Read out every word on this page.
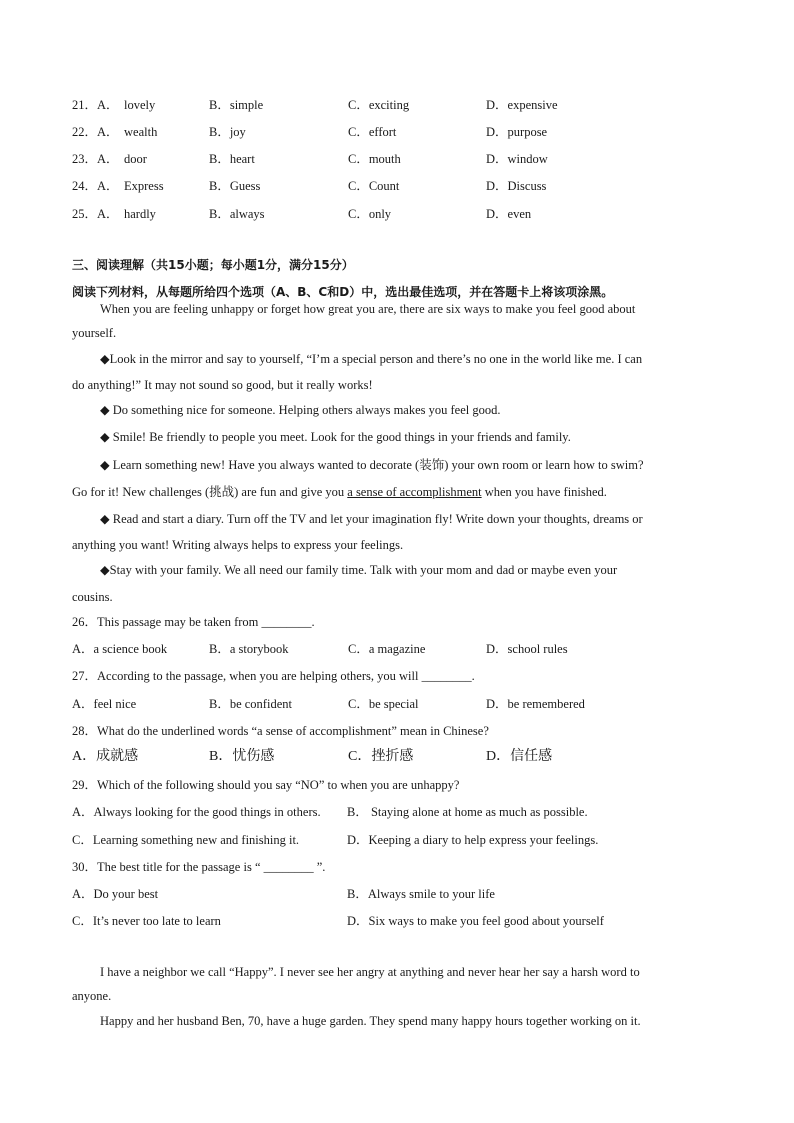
21．A． lovely	B．simple	C．exciting	D．expensive
22．A． wealth	B．joy	C．effort	D．purpose
23．A． door	B．heart	C．mouth	D．window
24．A． Express	B．Guess	C．Count	D．Discuss
25．A． hardly	B．always	C．only	D．even
三、阅读理解（共15小题；每小题1分，满分15分）
阅读下列材料，从每题所给四个选项（A、B、C和D）中，选出最佳选项，并在答题卡上将该项涂黑。
When you are feeling unhappy or forget how great you are, there are six ways to make you feel good about
yourself.
◆Look in the mirror and say to yourself, “I’m a special person and there’s no one in the world like me. I can
do anything!” It may not sound so good, but it really works!
◆ Do something nice for someone. Helping others always makes you feel good.
◆ Smile! Be friendly to people you meet. Look for the good things in your friends and family.
◆ Learn something new! Have you always wanted to decorate (装饰) your own room or learn how to swim?
Go for it! New challenges (挑战) are fun and give you a sense of accomplishment when you have finished.
◆ Read and start a diary. Turn off the TV and let your imagination fly! Write down your thoughts, dreams or
anything you want! Writing always helps to express your feelings.
◆Stay with your family. We all need our family time. Talk with your mom and dad or maybe even your
cousins.
26．This passage may be taken from ________.
A．a science book	B．a storybook	C．a magazine	D．school rules
27．According to the passage, when you are helping others, you will ________.
A．feel nice	B．be confident	C．be special	D．be remembered
28．What do the underlined words “a sense of accomplishment” mean in Chinese?
A．成就感	B．忧伤感	C．挫折感	D．信任感
29．Which of the following should you say “NO” to when you are unhappy?
A．Always looking for the good things in others. B． Staying alone at home as much as possible.
C．Learning something new and finishing it.	D．Keeping a diary to help express your feelings.
30．The best title for the passage is “ ________ ”.
A．Do your best	B．Always smile to your life
C．It’s never too late to learn	D．Six ways to make you feel good about yourself
I have a neighbor we call “Happy”. I never see her angry at anything and never hear her say a harsh word to
anyone.
Happy and her husband Ben, 70, have a huge garden. They spend many happy hours together working on it.
